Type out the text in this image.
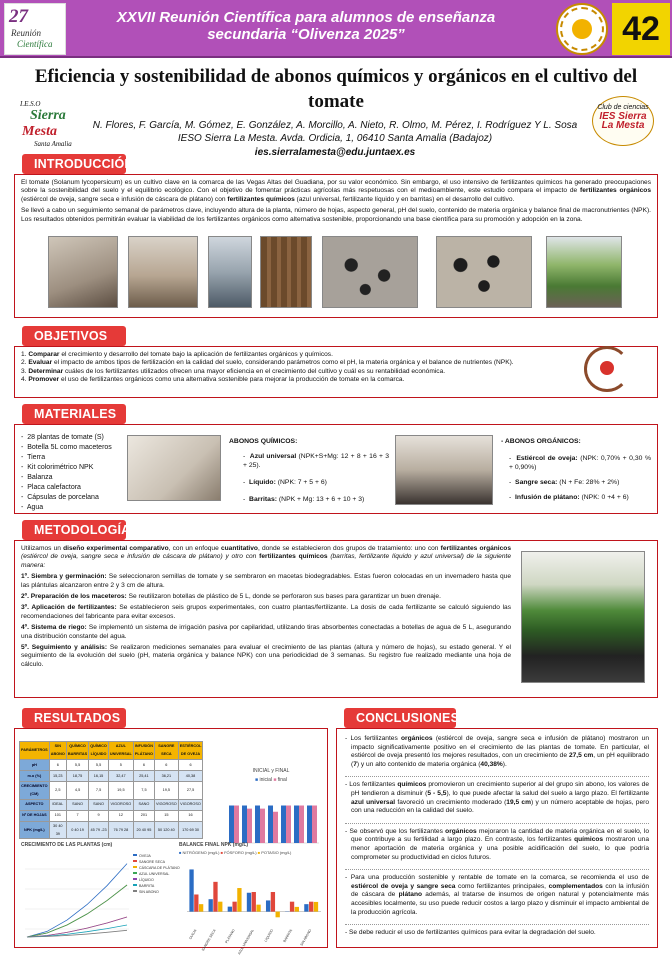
27
Reunión
Científica
XXVII Reunión Científica para alumnos de enseñanza secundaria “Olivenza 2025”	42
Eficiencia y sostenibilidad de abonos químicos y orgánicos en el cultivo del tomate
I.E.S.O
Sierra
Mesta
Santa Amalia
Club de ciencias
IES Sierra
La Mesta
N. Flores, F. García, M. Gómez, E. González, A. Morcillo, A. Nieto, R. Olmo, M. Pérez, I. Rodríguez Y L. Sosa
IESO Sierra La Mesta. Avda. Ordicia, 1, 06410 Santa Amalia (Badajoz)
ies.sierralamesta@edu.juntaex.es
INTRODUCCIÓN

El tomate (Solanum lycopersicum) es un cultivo clave en la comarca de las Vegas Altas del Guadiana, por su valor económico. Sin embargo, el uso intensivo de fertilizantes químicos ha generado preocupaciones sobre la sostenibilidad del suelo y el equilibrio ecológico. Con el objetivo de fomentar prácticas agrícolas más respetuosas con el medioambiente, este estudio compara el impacto de fertilizantes orgánicos (estiércol de oveja, sangre seca e infusión de cáscara de plátano) con fertilizantes químicos (azul universal, fertilizante líquido y en barritas) en el desarrollo del cultivo.

Se llevó a cabo un seguimiento semanal de parámetros clave, incluyendo altura de la planta, número de hojas, aspecto general, pH del suelo, contenido de materia orgánica y balance final de macronutrientes (NPK). Los resultados obtenidos permitirán evaluar la viabilidad de los fertilizantes orgánicos como alternativa sostenible, proporcionando una base científica para su promoción y adopción en la zona.

OBJETIVOS
1. Comparar el crecimiento y desarrollo del tomate bajo la aplicación de fertilizantes orgánicos y químicos.
2. Evaluar el impacto de ambos tipos de fertilización en la calidad del suelo, considerando parámetros como el pH, la materia orgánica y el balance de nutrientes (NPK).
3. Determinar cuáles de los fertilizantes utilizados ofrecen una mayor eficiencia en el crecimiento del cultivo y cuál es su rentabilidad económica.
4. Promover el uso de fertilizantes orgánicos como una alternativa sostenible para mejorar la producción de tomate en la comarca.
MATERIALES
-  28 plantas de tomate (S)
-  Botella 5L como maceteros
-  Tierra
-  Kit colorimétrico NPK
-  Balanza
-  Placa calefactora
-  Cápsulas de porcelana
-  Agua
ABONOS QUÍMICOS:
-  Azul universal (NPK+S+Mg: 12 + 8 + 16 + 3 + 25).
-  Líquido: (NPK: 7 + 5 + 6)
-  Barritas: (NPK + Mg: 13 + 6 + 10 + 3)
- ABONOS ORGÁNICOS:
-  Estiércol de oveja: (NPK: 0,70% + 0,30 % + 0,90%)
-  Sangre seca: (N + Fe: 28% + 2%)
-  Infusión de plátano: (NPK: 0 +4 + 6)
METODOLOGÍA

Utilizamos un diseño experimental comparativo, con un enfoque cuantitativo, donde se establecieron dos grupos de tratamiento: uno con fertilizantes orgánicos (estiércol de oveja, sangre seca e infusión de cáscara de plátano) y otro con fertilizantes químicos (barritas, fertilizante líquido y azul universal) de la siguiente manera:

1º. Siembra y germinación: Se seleccionaron semillas de tomate y se sembraron en macetas biodegradables. Estas fueron colocadas en un invernadero hasta que las plántulas alcanzaron entre 2 y 3 cm de altura.

2º. Preparación de los maceteros: Se reutilizaron botellas de plástico de 5 L, donde se perforaron sus bases para garantizar un buen drenaje.

3º. Aplicación de fertilizantes: Se establecieron seis grupos experimentales, con cuatro plantas/fertilizante. La dosis de cada fertilizante se calculó siguiendo las recomendaciones del fabricante para evitar excesos.

4º. Sistema de riego: Se implementó un sistema de irrigación pasiva por capilaridad, utilizando tiras absorbentes conectadas a botellas de agua de 5 L, asegurando una distribución constante del agua.

5º. Seguimiento y análisis: Se realizaron mediciones semanales para evaluar el crecimiento de las plantas (altura y número de hojas), su estado general. Y el seguimiento de la evolución del suelo (pH, materia orgánica y balance NPK) con una periodicidad de 3 semanas. Su registro fue realizado mediante una hoja de cálculo.

RESULTADOS
PARÁMETROS	SIN ABONO	QUÍMICO BARRITAS	QUÍMICO LÍQUIDO	AZUL UNIVERSAL	INFUSIÓN PLÁTANO	SANGRE SECA	ESTIÉRCOL DE OVEJA
pH	6	5,5	5,5	5	6	6	6
m.o (%)	15,23	18,75	16,15	32,47	25,41	36,21	40,38
CRECIMIENTO (CM)	2,5	4,5	7,5	19,5	7,5	19,5	27,5
ASPECTO	IDEAL	SANO	SANO	VIGOROSO	SANO	VIGOROSO	VIGOROSO
Nº DE HOJAS	101	7	9	12	201	15	16
NPK (mg/L)	30 40 39	0 40 19	45 79 -23	76 79 28	20 40 95	50 120 40	170 69 30
INICIAL y FINAL
■ inicial ■ final
CRECIMIENTO DE LAS PLANTAS (cm)
OVEJA
SANGRE SECA
CÁSCARA DE PLÁTANO
AZUL UNIVERSAL
LÍQUIDO
BARRITA
SIN ABONO
BALANCE FINAL NPK (mg/L)
■ NITRÓGENO (mg/L) ■ FÓSFORO (mg/L) ■ POTASIO (mg/L)
OVEJA SANGRE SECA PLÁTANO AZUL UNIVERSAL	LÍQUIDO BARRITA SIN ABONO
CONCLUSIONES
- Los fertilizantes orgánicos (estiércol de oveja, sangre seca e infusión de plátano) mostraron un impacto significativamente positivo en el crecimiento de las plantas de tomate. En particular, el estiércol de oveja presentó los mejores resultados, con un crecimiento de 27,5 cm, un pH equilibrado (7) y un alto contenido de materia orgánica (40,38%).
- Los fertilizantes químicos promovieron un crecimiento superior al del grupo sin abono, los valores de pH tendieron a disminuir (5 - 5,5), lo que puede afectar la salud del suelo a largo plazo. El fertilizante azul universal favoreció un crecimiento moderado (19,5 cm) y un número aceptable de hojas, pero con una reducción en la calidad del suelo.
- Se observó que los fertilizantes orgánicos mejoraron la cantidad de materia orgánica en el suelo, lo que contribuye a su fertilidad a largo plazo. En contraste, los fertilizantes químicos mostraron una menor aportación de materia orgánica y una posible acidificación del suelo, lo que podría comprometer su productividad en ciclos futuros.
- Para una producción sostenible y rentable de tomate en la comarca, se recomienda el uso de estiércol de oveja y sangre seca como fertilizantes principales, complementados con la infusión de cáscara de plátano además, al tratarse de insumos de origen natural y potencialmente más accesibles localmente, su uso puede reducir costos a largo plazo y disminuir el impacto ambiental de la producción agrícola.
- Se debe reducir el uso de fertilizantes químicos para evitar la degradación del suelo.
